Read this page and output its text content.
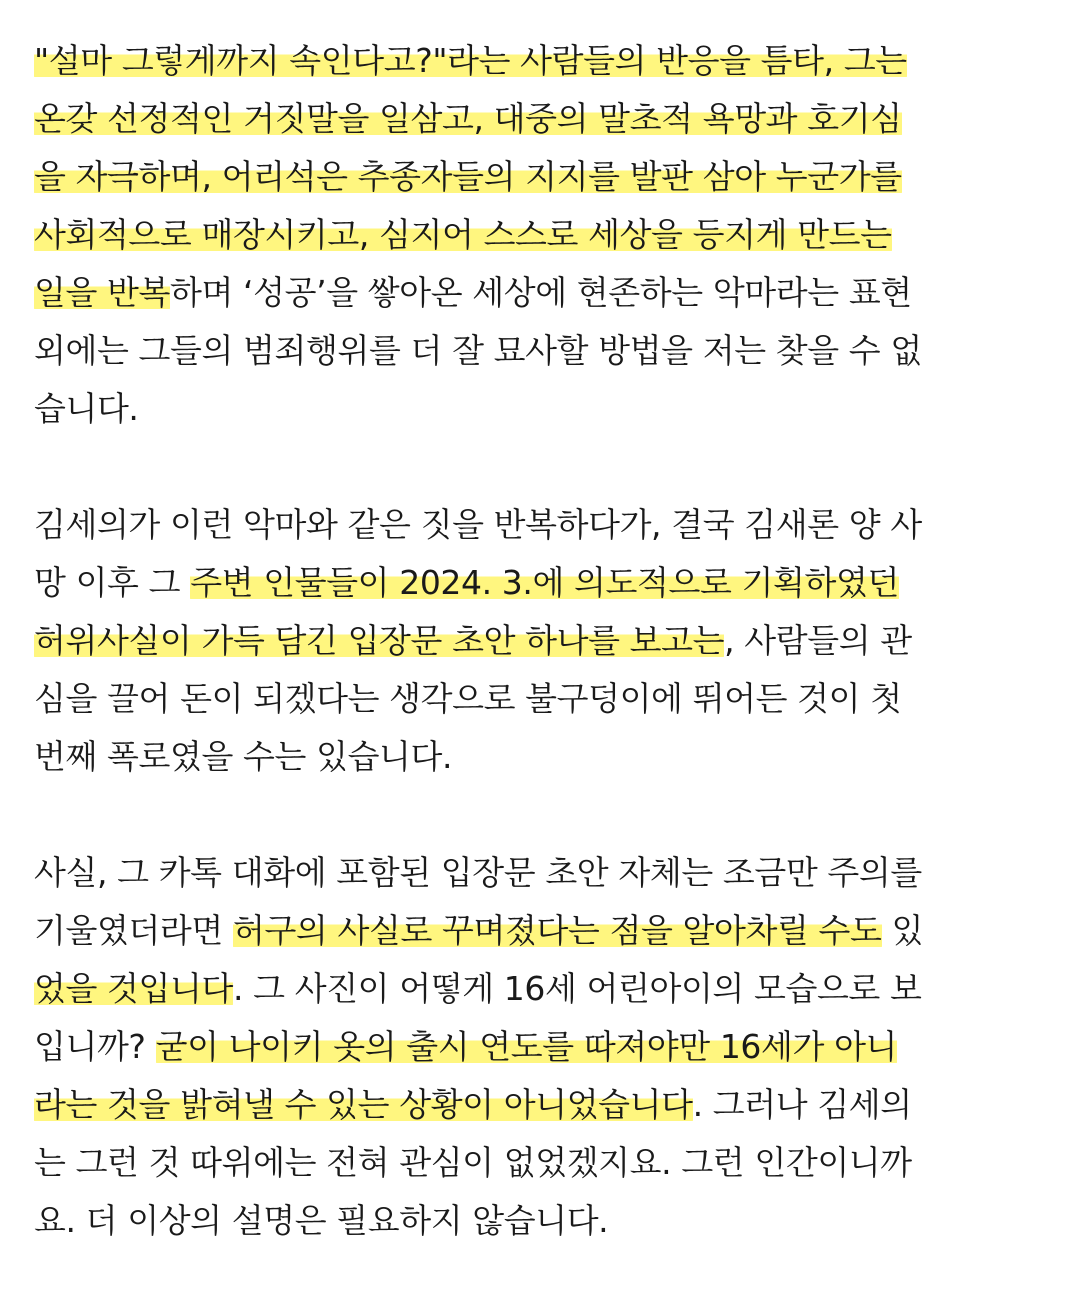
"설마 그렇게까지 속인다고?"라는 사람들의 반응을 틈타, 그는
온갖 선정적인 거짓말을 일삼고, 대중의 말초적 욕망과 호기심
을 자극하며, 어리석은 추종자들의 지지를 발판 삼아 누군가를
사회적으로 매장시키고, 심지어 스스로 세상을 등지게 만드는
일을 반복하며 ‘성공’을 쌓아온 세상에 현존하는 악마라는 표현
외에는 그들의 범죄행위를 더 잘 묘사할 방법을 저는 찾을 수 없
습니다.
김세의가 이런 악마와 같은 짓을 반복하다가, 결국 김새론 양 사
망 이후 그 주변 인물들이 2024. 3.에 의도적으로 기획하였던
허위사실이 가득 담긴 입장문 초안 하나를 보고는, 사람들의 관
심을 끌어 돈이 되겠다는 생각으로 불구덩이에 뛰어든 것이 첫
번째 폭로였을 수는 있습니다.
사실, 그 카톡 대화에 포함된 입장문 초안 자체는 조금만 주의를
기울였더라면 허구의 사실로 꾸며졌다는 점을 알아차릴 수도 있
었을 것입니다. 그 사진이 어떻게 16세 어린아이의 모습으로 보
입니까? 굳이 나이키 옷의 출시 연도를 따져야만 16세가 아니
라는 것을 밝혀낼 수 있는 상황이 아니었습니다. 그러나 김세의
는 그런 것 따위에는 전혀 관심이 없었겠지요. 그런 인간이니까
요. 더 이상의 설명은 필요하지 않습니다.
